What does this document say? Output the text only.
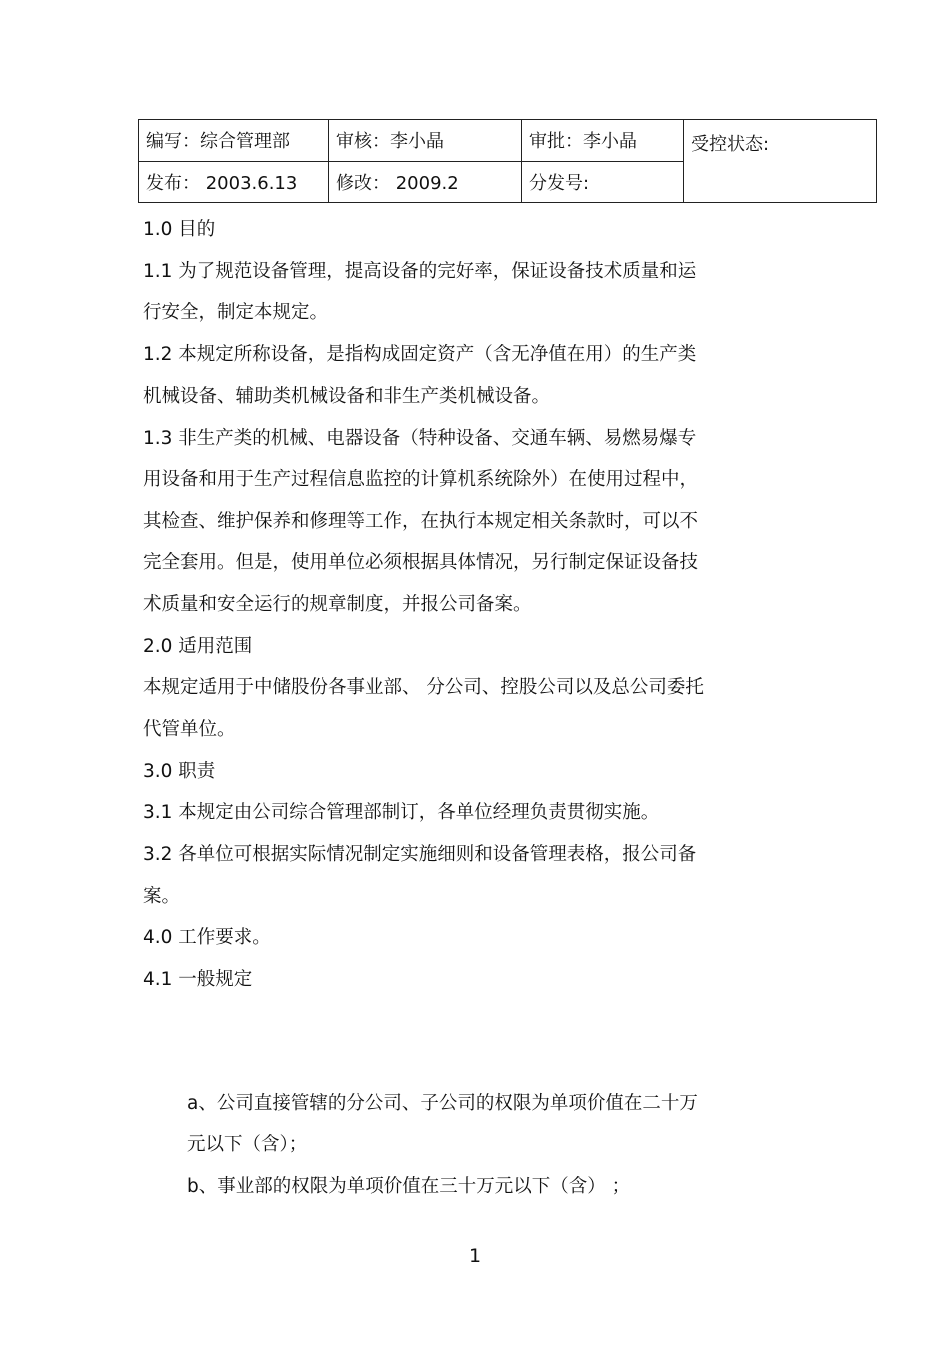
编写：综合管理部	审核：李小晶	审批：李小晶	受控状态:
发布： 2003.6.13	修改： 2009.2	分发号:	
1.0 目的
1.1 为了规范设备管理，提高设备的完好率，保证设备技术质量和运
行安全，制定本规定。
1.2 本规定所称设备，是指构成固定资产（含无净值在用）的生产类
机械设备、辅助类机械设备和非生产类机械设备。
1.3 非生产类的机械、电器设备（特种设备、交通车辆、易燃易爆专
用设备和用于生产过程信息监控的计算机系统除外）在使用过程中，
其检查、维护保养和修理等工作，在执行本规定相关条款时，可以不
完全套用。但是，使用单位必须根据具体情况，另行制定保证设备技
术质量和安全运行的规章制度，并报公司备案。
2.0 适用范围
本规定适用于中储股份各事业部、 分公司、控股公司以及总公司委托
代管单位。
3.0 职责
3.1 本规定由公司综合管理部制订，各单位经理负责贯彻实施。
3.2 各单位可根据实际情况制定实施细则和设备管理表格，报公司备
案。
4.0 工作要求。
4.1 一般规定
a、公司直接管辖的分公司、子公司的权限为单项价值在二十万
元以下（含）；
b、事业部的权限为单项价值在三十万元以下（含） ；
1
